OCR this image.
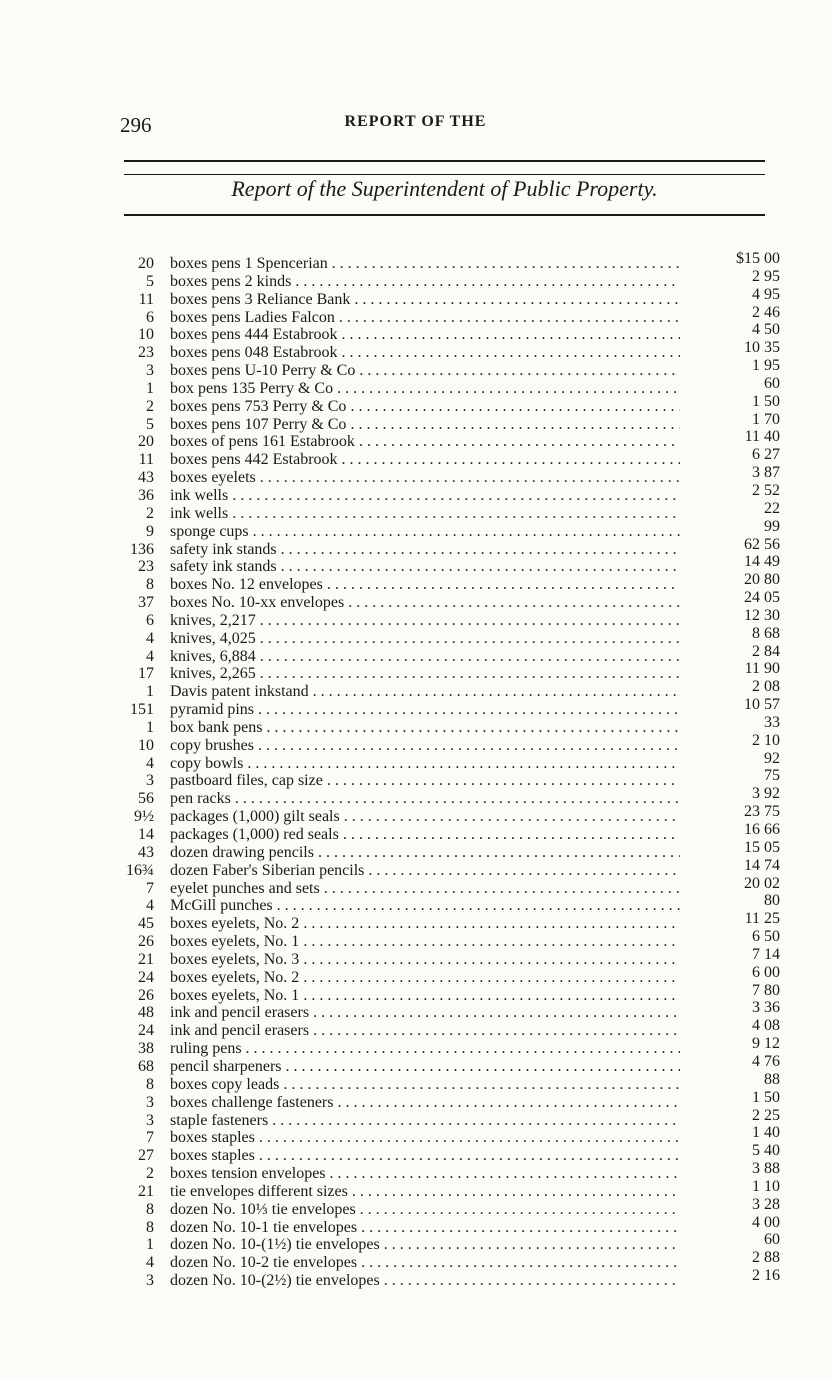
296	REPORT OF THE
Report of the Superintendent of Public Property.
20 boxes pens 1 Spencerian . . .
5 boxes pens 2 kinds . . .
11 boxes pens 3 Reliance Bank . . .
6 boxes pens Ladies Falcon . . .
10 boxes pens 444 Estabrook . . .
23 boxes pens 048 Estabrook . . .
3 boxes pens U-10 Perry & Co . . .
1 box pens 135 Perry & Co . . .
2 boxes pens 753 Perry & Co . . .
5 boxes pens 107 Perry & Co . . .
20 boxes of pens 161 Estabrook . . .
11 boxes pens 442 Estabrook . . .
43 boxes eyelets . . .
36 ink wells . . .
2 ink wells . . .
9 sponge cups . . .
136 safety ink stands . . .
23 safety ink stands . . .
8 boxes No. 12 envelopes . . .
37 boxes No. 10-xx envelopes . . .
6 knives, 2,217 . . .
4 knives, 4,025 . . .
4 knives, 6,884 . . .
17 knives, 2,265 . . .
1 Davis patent inkstand . . .
151 pyramid pins . . .
1 box bank pens . . .
10 copy brushes . . .
4 copy bowls . . .
3 pastboard files, cap size . . .
56 pen racks . . .
9½ packages (1,000) gilt seals . . .
14 packages (1,000) red seals . . .
43 dozen drawing pencils . . .
16¾ dozen Faber's Siberian pencils . . .
7 eyelet punches and sets . . .
4 McGill punches . . .
45 boxes eyelets, No. 2 . . .
26 boxes eyelets, No. 1 . . .
21 boxes eyelets, No. 3 . . .
24 boxes eyelets, No. 2 . . .
26 boxes eyelets, No. 1 . . .
48 ink and pencil erasers . . .
24 ink and pencil erasers . . .
38 ruling pens . . .
68 pencil sharpeners . . .
8 boxes copy leads . . .
3 boxes challenge fasteners . . .
3 staple fasteners . . .
7 boxes staples . . .
27 boxes staples . . .
2 boxes tension envelopes . . .
21 tie envelopes different sizes . . .
8 dozen No. 10⅓ tie envelopes . . .
8 dozen No. 10-1 tie envelopes . . .
1 dozen No. 10-(1½) tie envelopes . . .
4 dozen No. 10-2 tie envelopes . . .
3 dozen No. 10-(2½) tie envelopes . . .
$15 00
2 95
4 95
2 46
4 50
10 35
1 95
60
1 50
1 70
11 40
6 27
3 87
2 52
22
99
62 56
14 49
20 80
24 05
12 30
8 68
2 84
11 90
2 08
10 57
33
2 10
92
75
3 92
23 75
16 66
15 05
14 74
20 02
80
11 25
6 50
7 14
6 00
7 80
3 36
4 08
9 12
4 76
88
1 50
2 25
1 40
5 40
3 88
1 10
3 28
4 00
60
2 88
2 16
